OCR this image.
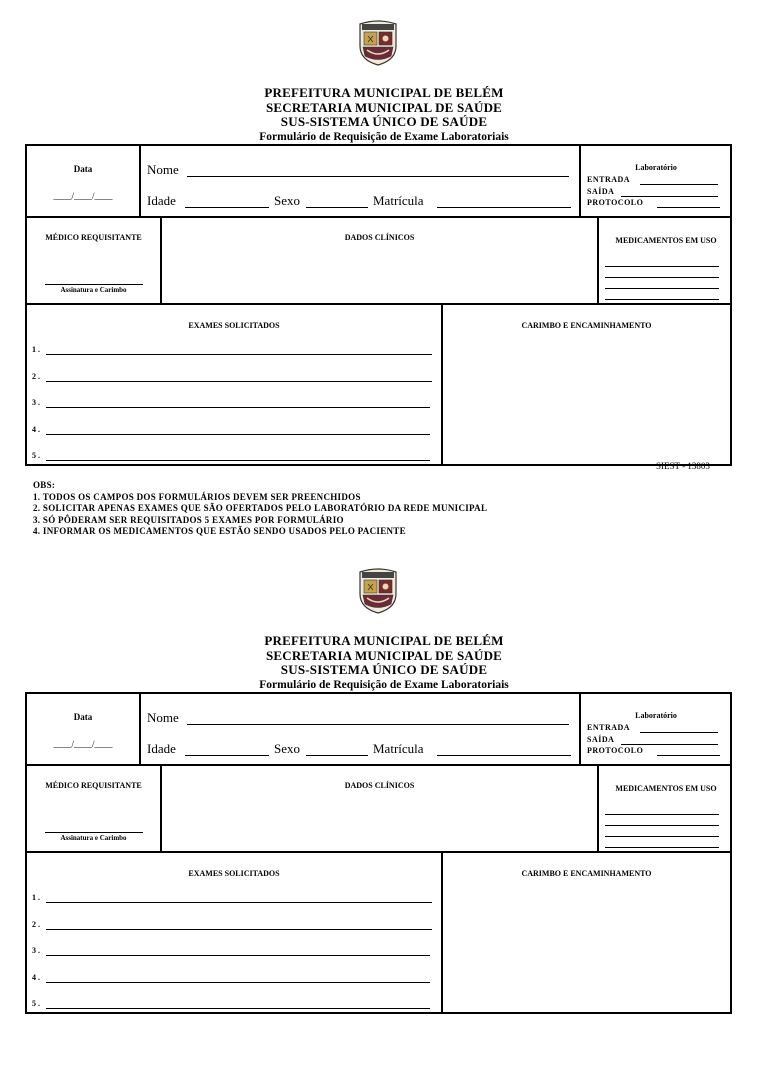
PREFEITURA MUNICIPAL DE BELÉM
SECRETARIA MUNICIPAL DE SAÚDE
SUS-SISTEMA ÚNICO DE SAÚDE
Formulário de Requisição de Exame Laboratoriais
Data
____/____/____
Nome
Idade	Sexo	Matrícula
Laboratório
ENTRADA
SAÍDA
PROTOCOLO
MÉDICO REQUISITANTE
Assinatura e Carimbo
DADOS CLÍNICOS	MEDICAMENTOS EM USO
EXAMES SOLICITADOS
1 .
2 .
3 .
4 .
5 .
CARIMBO E ENCAMINHAMENTO
OBS:
1. TODOS OS CAMPOS DOS FORMULÁRIOS DEVEM SER PREENCHIDOS
2. SOLICITAR APENAS EXAMES QUE SÃO OFERTADOS PELO LABORATÓRIO DA REDE MUNICIPAL
3. SÓ PÔDERAM SER REQUISITADOS 5 EXAMES POR FORMULÁRIO
4. INFORMAR OS MEDICAMENTOS QUE ESTÃO SENDO USADOS PELO PACIENTE
SIEST - 13803
PREFEITURA MUNICIPAL DE BELÉM
SECRETARIA MUNICIPAL DE SAÚDE
SUS-SISTEMA ÚNICO DE SAÚDE
Formulário de Requisição de Exame Laboratoriais
Data
____/____/____
Nome
Idade	Sexo	Matrícula
Laboratório
ENTRADA
SAÍDA
PROTOCOLO
MÉDICO REQUISITANTE
Assinatura e Carimbo
DADOS CLÍNICOS	MEDICAMENTOS EM USO
EXAMES SOLICITADOS
1 .
2 .
3 .
4 .
5 .
CARIMBO E ENCAMINHAMENTO
